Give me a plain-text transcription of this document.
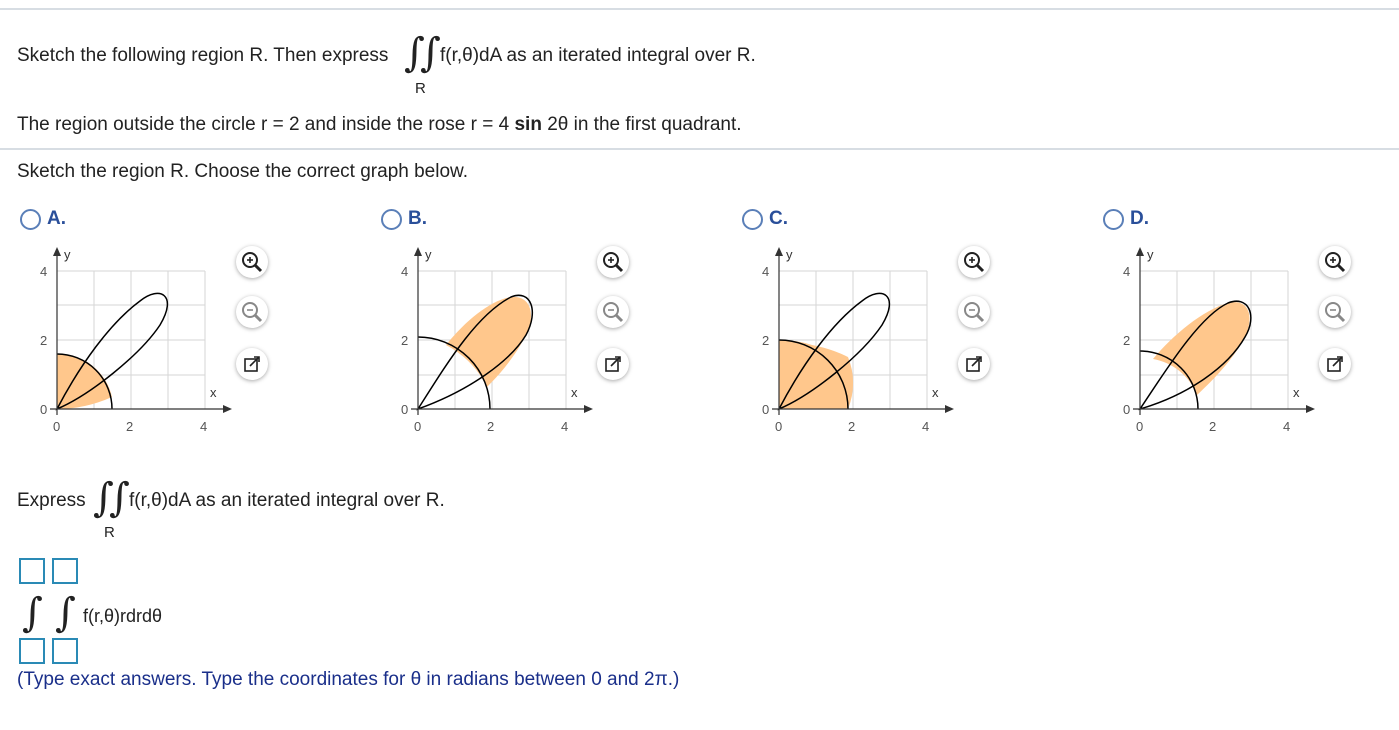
Sketch the following region R. Then express ∫
∫ f(r,θ)dA as an iterated integral over R.
R
The region outside the circle r = 2 and inside the rose r = 4 sin 2θ in the first quadrant.
Sketch the region R. Choose the correct graph below.
A.
y
x
4
2
0
0	2	4
B.
y
x
4
2
0
0	2	4
C.
y
x
4
2
0
0	2	4
D.
y
x
4
2
0
0	2	4
Express ∫
∫ f(r,θ)dA as an iterated integral over R.
R
∫ ∫ f(r,θ)rdrdθ
(Type exact answers. Type the coordinates for θ in radians between 0 and 2π.)
